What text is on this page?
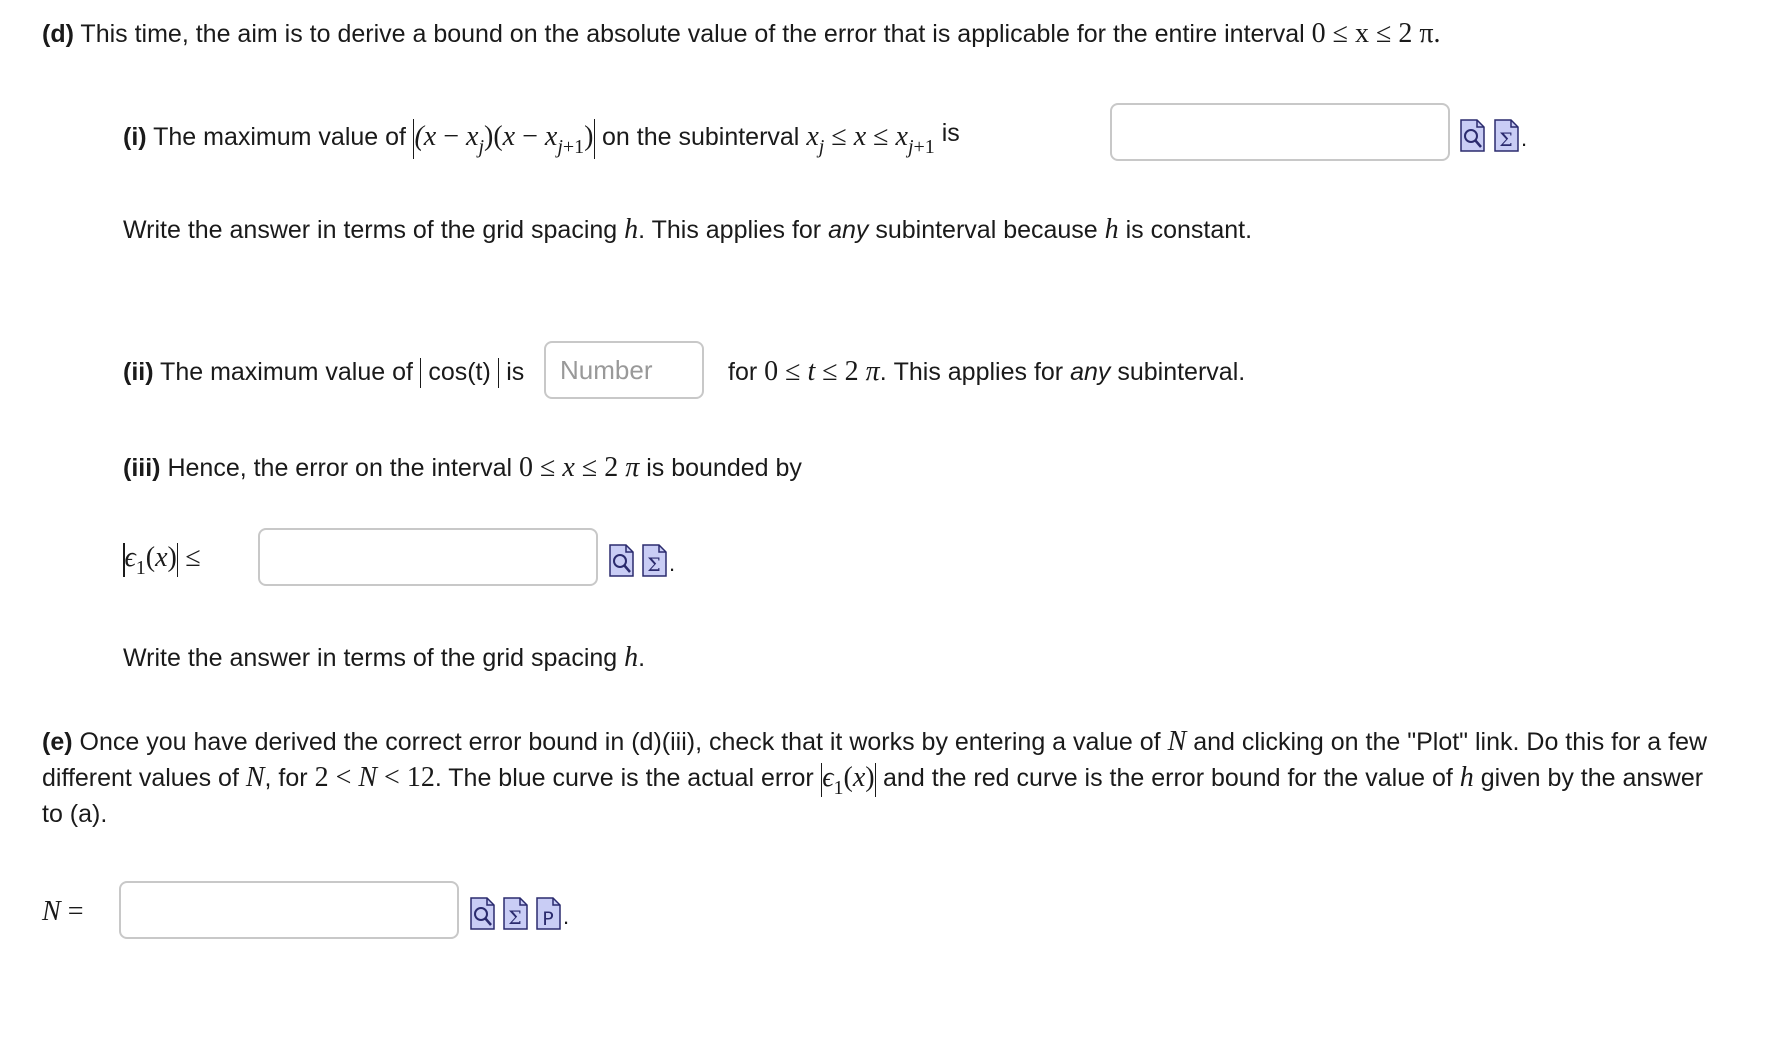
(d) This time, the aim is to derive a bound on the absolute value of the error that is applicable for the entire interval 0 ≤ x ≤ 2 π.
(i) The maximum value of $(x - x_j)(x - x_{j+1})$ on the subinterval $x_j \le x \le x_{j+1}$ is	Σ .
Write the answer in terms of the grid spacing h. This applies for any subinterval because h is constant.
(ii) The maximum value of cos(t) is
Number	for 0 ≤ t ≤ 2 π. This applies for any subinterval.
(iii) Hence, the error on the interval 0 ≤ x ≤ 2 π is bounded by
$\epsilon_1(x)$ ≤	Σ .
Write the answer in terms of the grid spacing h.
(e) Once you have derived the correct error bound in (d)(iii), check that it works by entering a value of N and clicking on the "Plot" link. Do this for a few
different values of N, for 2 < N < 12. The blue curve is the actual error $\epsilon_1(x)$ and the red curve is the error bound for the value of h given by the answer
to (a).
N =	Σ P .
